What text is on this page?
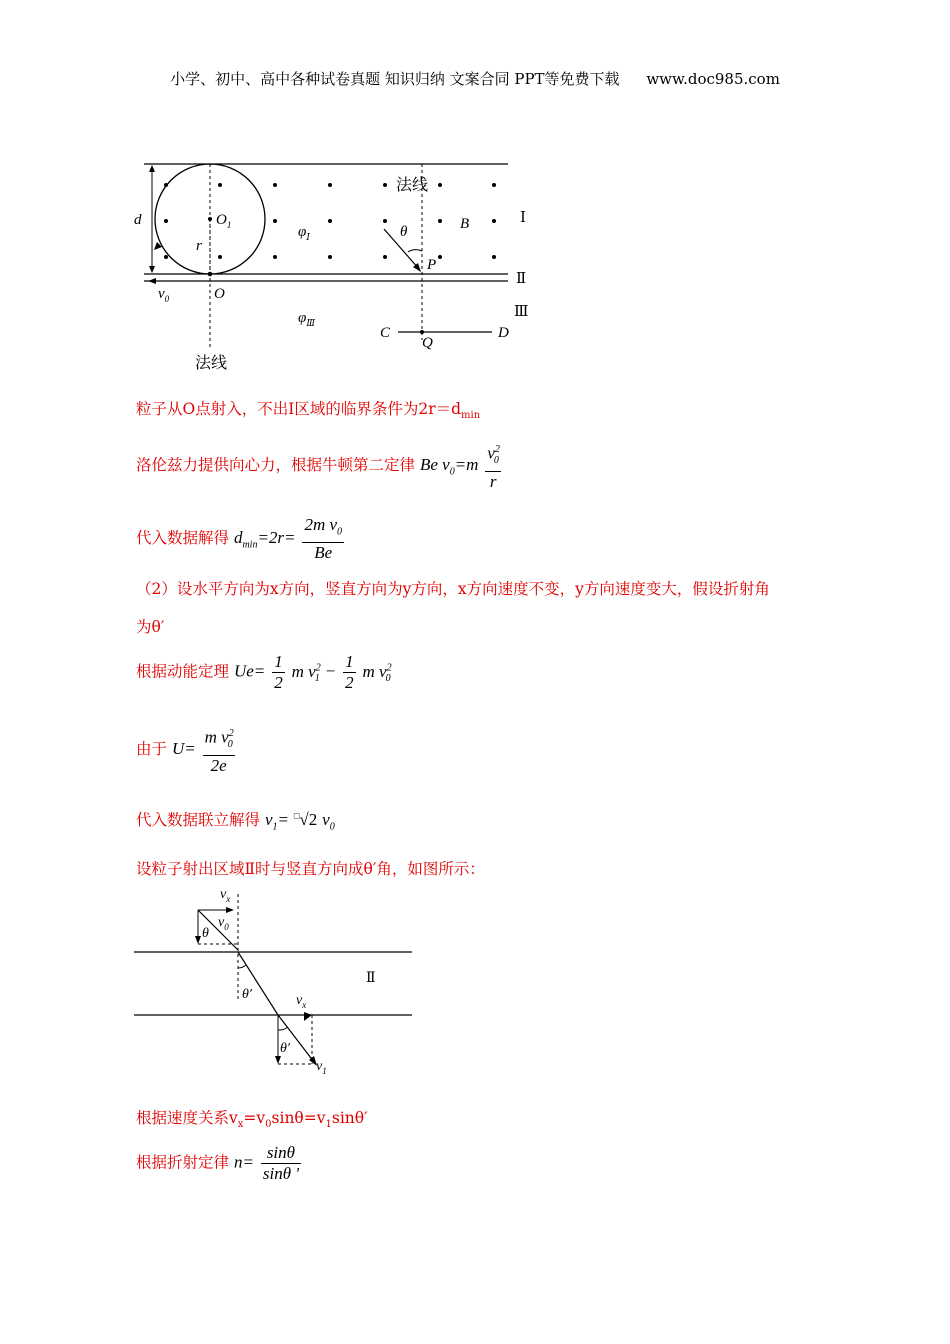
小学、初中、高中各种试卷真题 知识归纳 文案合同 PPT等免费下载 www.doc985.com
d	$O_1$
r
$\varphi_Ⅰ$
法线
θ	B	Ⅰ
Ⅱ
Ⅲ
P
$v_0$	O
$\varphi_Ⅲ$
C
Q
D
法线
粒子从O点射入，不出Ⅰ区域的临界条件为$2r=d_{min}$
洛伦兹力提供向心力，根据牛顿第二定律 Be $v_0=m \frac{v^2_0}{r}$
代入数据解得 $d_{min}=2r= \frac{2m v_0}{Be}$
（2）设水平方向为x方向，竖直方向为y方向，x方向速度不变，y方向速度变大，假设折射角
为θ′
根据动能定理 $Ue= \frac{1}{2}$ m $v^2_1 - \frac{1}{2}$ m $v^2_0$
由于 $U= \frac{m v^2_0}{2e}$
代入数据联立解得 $v_1= ^□√2$ $v_0$
设粒子射出区域Ⅱ时与竖直方向成θ′角，如图所示：
$v_x$
$v_0$
θ
θ′
Ⅱ
$v_x$
θ′
$v_1$
根据速度关系$v_x=v_0\sin\theta=v_1\sin\theta'$
根据折射定律 $n= \frac{\sin\theta}{\sin\theta '}$
